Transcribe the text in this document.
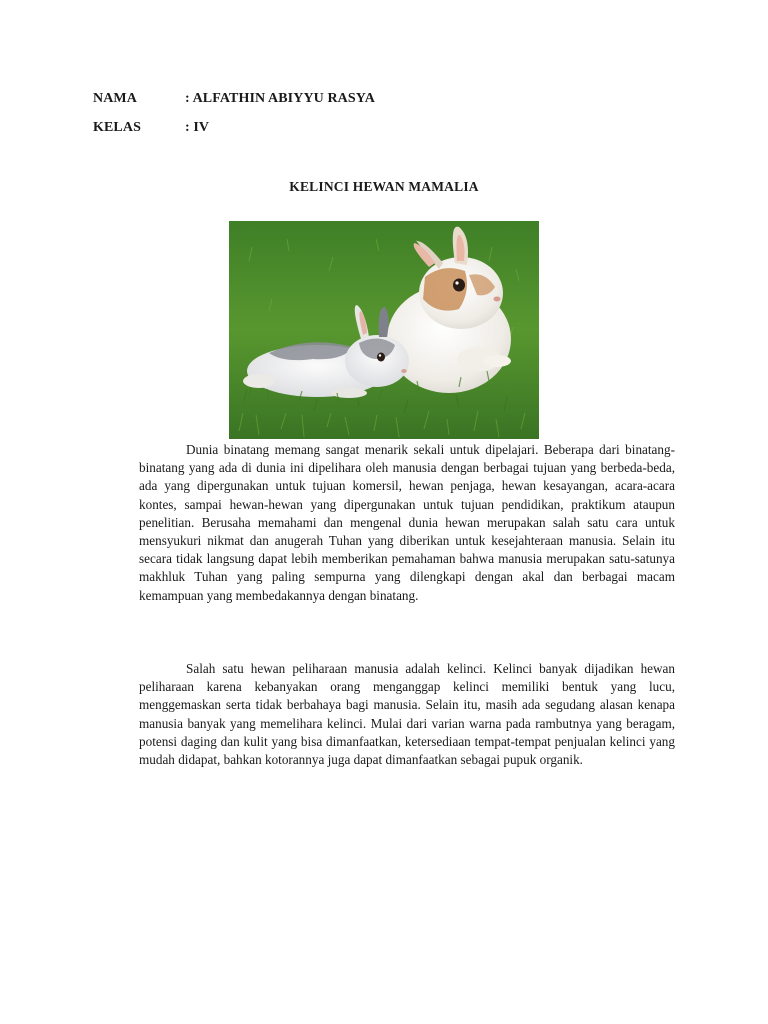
NAMA	: ALFATHIN ABIYYU RASYA
KELAS	: IV
KELINCI HEWAN MAMALIA

Dunia binatang memang sangat menarik sekali untuk dipelajari. Beberapa dari binatang-binatang yang ada di dunia ini dipelihara oleh manusia dengan berbagai tujuan yang berbeda-beda, ada yang dipergunakan untuk tujuan komersil, hewan penjaga, hewan kesayangan, acara-acara kontes, sampai hewan-hewan yang dipergunakan untuk tujuan pendidikan, praktikum ataupun penelitian. Berusaha memahami dan mengenal dunia hewan merupakan salah satu cara untuk mensyukuri nikmat dan anugerah Tuhan yang diberikan untuk kesejahteraan manusia. Selain itu secara tidak langsung dapat lebih memberikan pemahaman bahwa manusia merupakan satu-satunya makhluk Tuhan yang paling sempurna yang dilengkapi dengan akal dan berbagai macam kemampuan yang membedakannya dengan binatang.

Salah satu hewan peliharaan manusia adalah kelinci. Kelinci banyak dijadikan hewan peliharaan karena kebanyakan orang menganggap kelinci memiliki bentuk yang lucu, menggemaskan serta tidak berbahaya bagi manusia. Selain itu, masih ada segudang alasan kenapa manusia banyak yang memelihara kelinci. Mulai dari varian warna pada rambutnya yang beragam, potensi daging dan kulit yang bisa dimanfaatkan, ketersediaan tempat-tempat penjualan kelinci yang mudah didapat, bahkan kotorannya juga dapat dimanfaatkan sebagai pupuk organik.
